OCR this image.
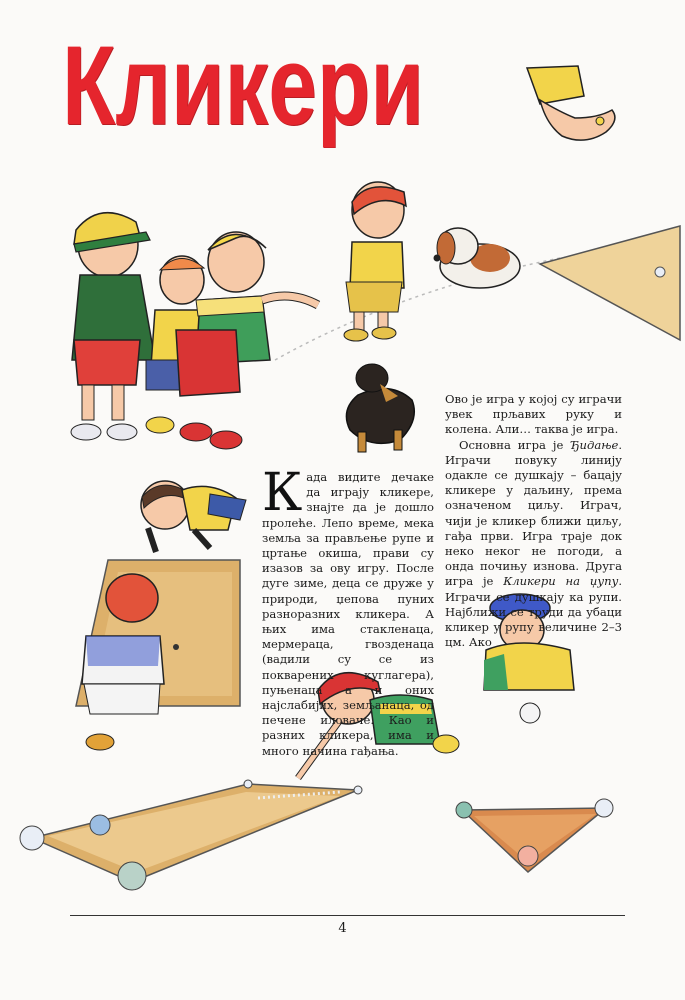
Кликери
К ада видите дечаке да играју кликере, знајте да је дошло пролеће. Лепо време, мека земља за прављење рупе и цртање окиша, прави су изазов за ову игру. После дуге зиме, деца се друже у природи, џепова пуних разноразних кликера. А њих има стакленаца, мермераца, гвозденаца (вадили су се из покварених куглагера), пуњенаца а и оних најслабијих, земљанаца, од печене иловаче. Као и разних кликера, има и много начина гађања.

Ово је игра у којој су играчи увек прљавих руку и колена. Али… таква је игра.

Основна игра је Ђидање. Играчи повуку линију одакле се душкају – бацају кликере у даљину, према означеном циљу. Играч, чији је кликер ближи циљу, гађа први. Игра траје док неко неког не погоди, а онда почињу изнова. Друга игра је Кликери на џупу. Играчи се душкају ка рупи. Најближи се труди да убаци кликер у рупу величине 2–3 цм. Ако

4
